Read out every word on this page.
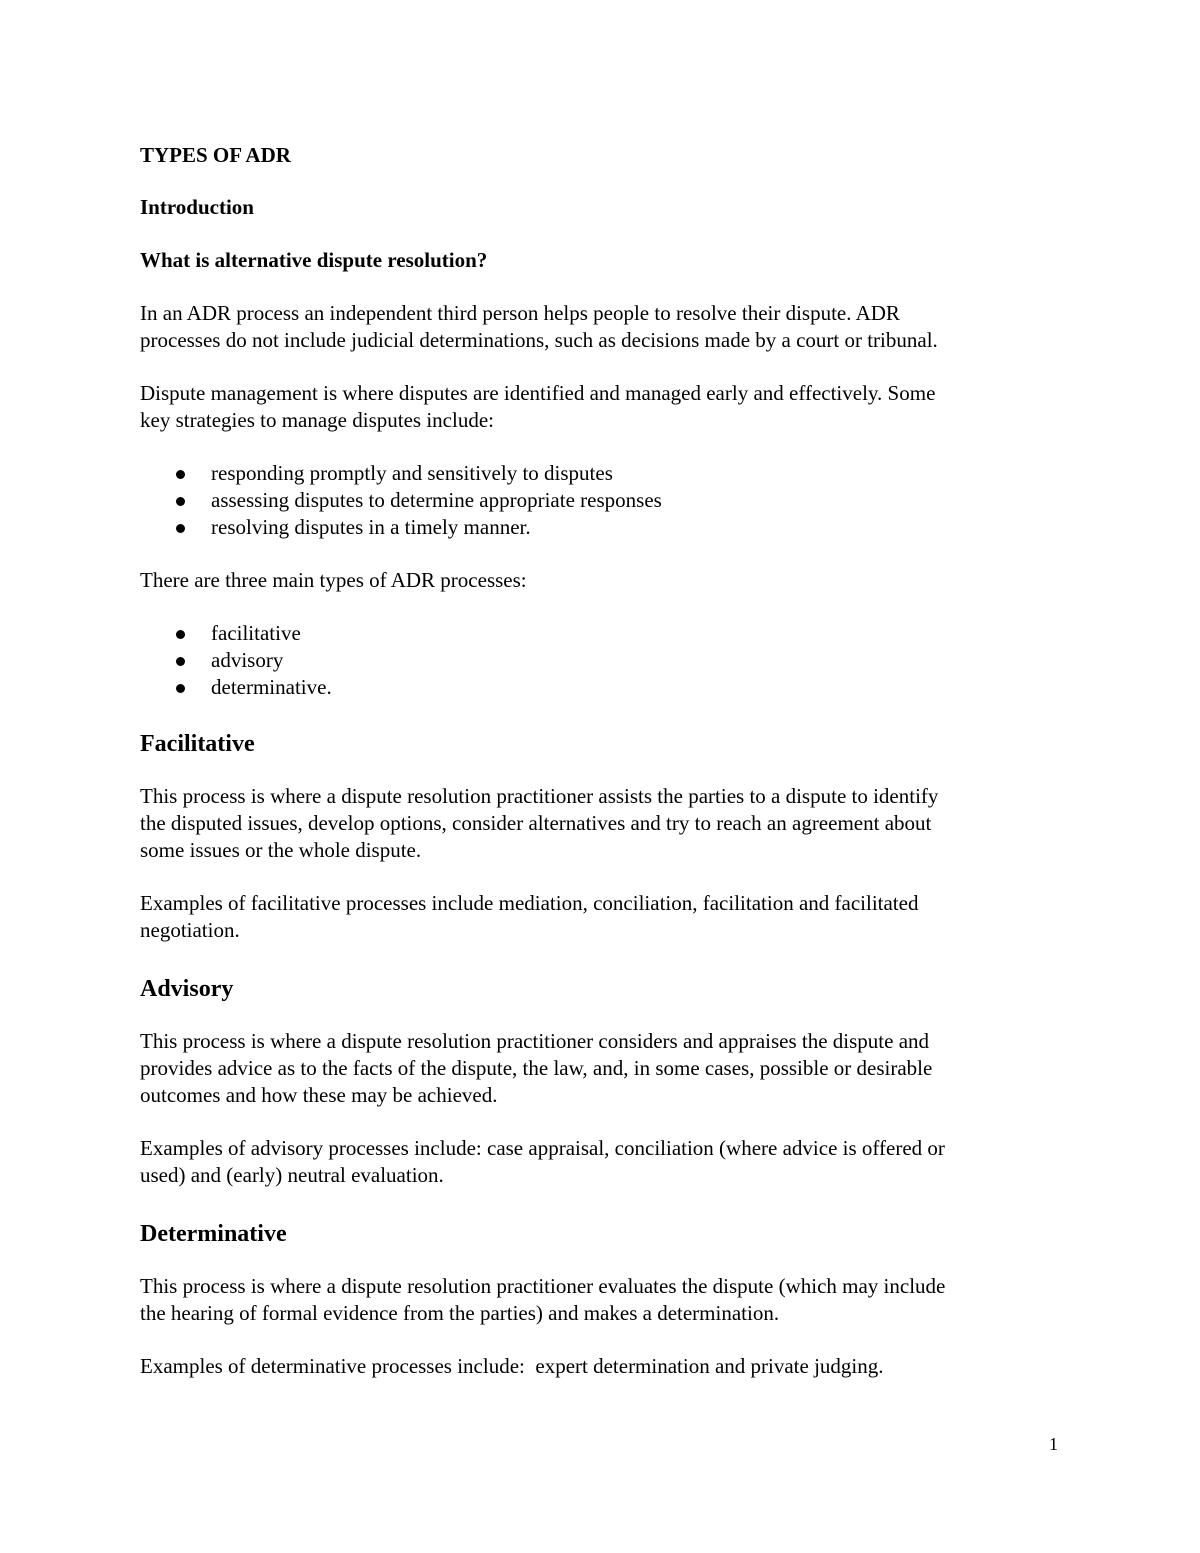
TYPES OF ADR
Introduction
What is alternative dispute resolution?
In an ADR process an independent third person helps people to resolve their dispute. ADR
processes do not include judicial determinations, such as decisions made by a court or tribunal.
Dispute management is where disputes are identified and managed early and effectively. Some
key strategies to manage disputes include:
responding promptly and sensitively to disputes
assessing disputes to determine appropriate responses
resolving disputes in a timely manner.
There are three main types of ADR processes:
facilitative
advisory
determinative.
Facilitative
This process is where a dispute resolution practitioner assists the parties to a dispute to identify
the disputed issues, develop options, consider alternatives and try to reach an agreement about
some issues or the whole dispute.
Examples of facilitative processes include mediation, conciliation, facilitation and facilitated
negotiation.
Advisory
This process is where a dispute resolution practitioner considers and appraises the dispute and
provides advice as to the facts of the dispute, the law, and, in some cases, possible or desirable
outcomes and how these may be achieved.
Examples of advisory processes include: case appraisal, conciliation (where advice is offered or
used) and (early) neutral evaluation.
Determinative
This process is where a dispute resolution practitioner evaluates the dispute (which may include
the hearing of formal evidence from the parties) and makes a determination.
Examples of determinative processes include:  expert determination and private judging.
1
